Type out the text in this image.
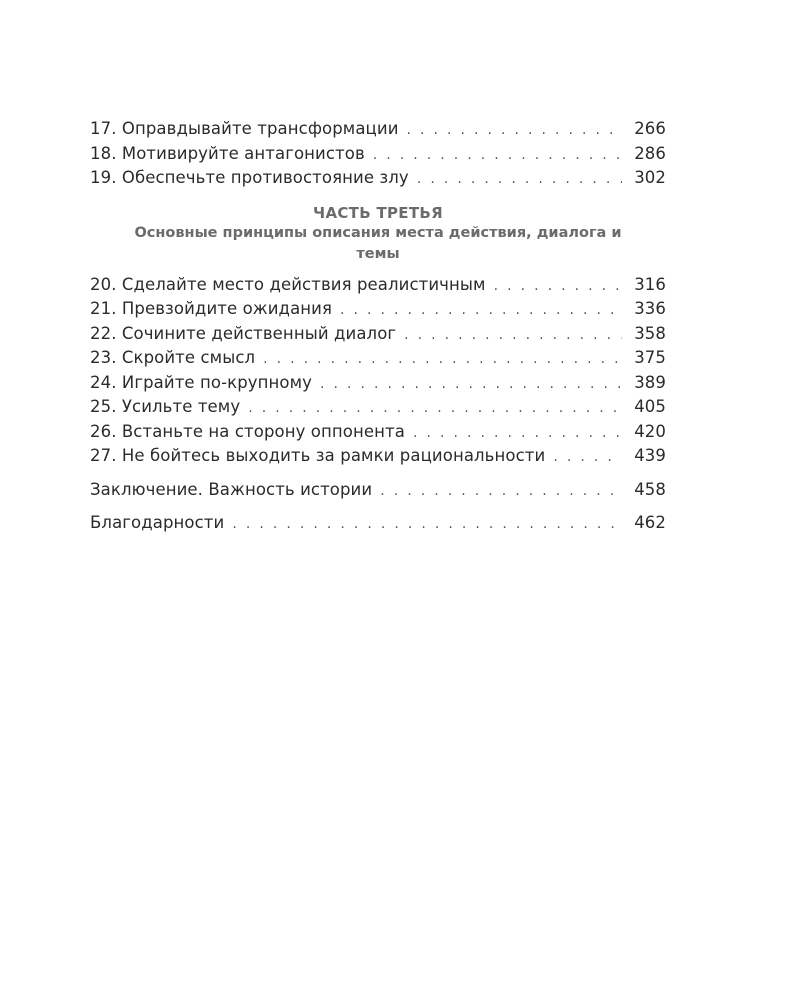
17. Оправдывайте трансформации . . .	266
18. Мотивируйте антагонистов . . .	286
19. Обеспечьте противостояние злу . . .	302
ЧАСТЬ ТРЕТЬЯ
Основные принципы описания места действия, диалога и темы
20. Сделайте место действия реалистичным . . .	316
21. Превзойдите ожидания . . .	336
22. Сочините действенный диалог . . .	358
23. Скройте смысл . . .	375
24. Играйте по-крупному . . .	389
25. Усильте тему . . .	405
26. Встаньте на сторону оппонента . . .	420
27. Не бойтесь выходить за рамки рациональности . . .	439
Заключение. Важность истории . . .	458
Благодарности . . .	462
